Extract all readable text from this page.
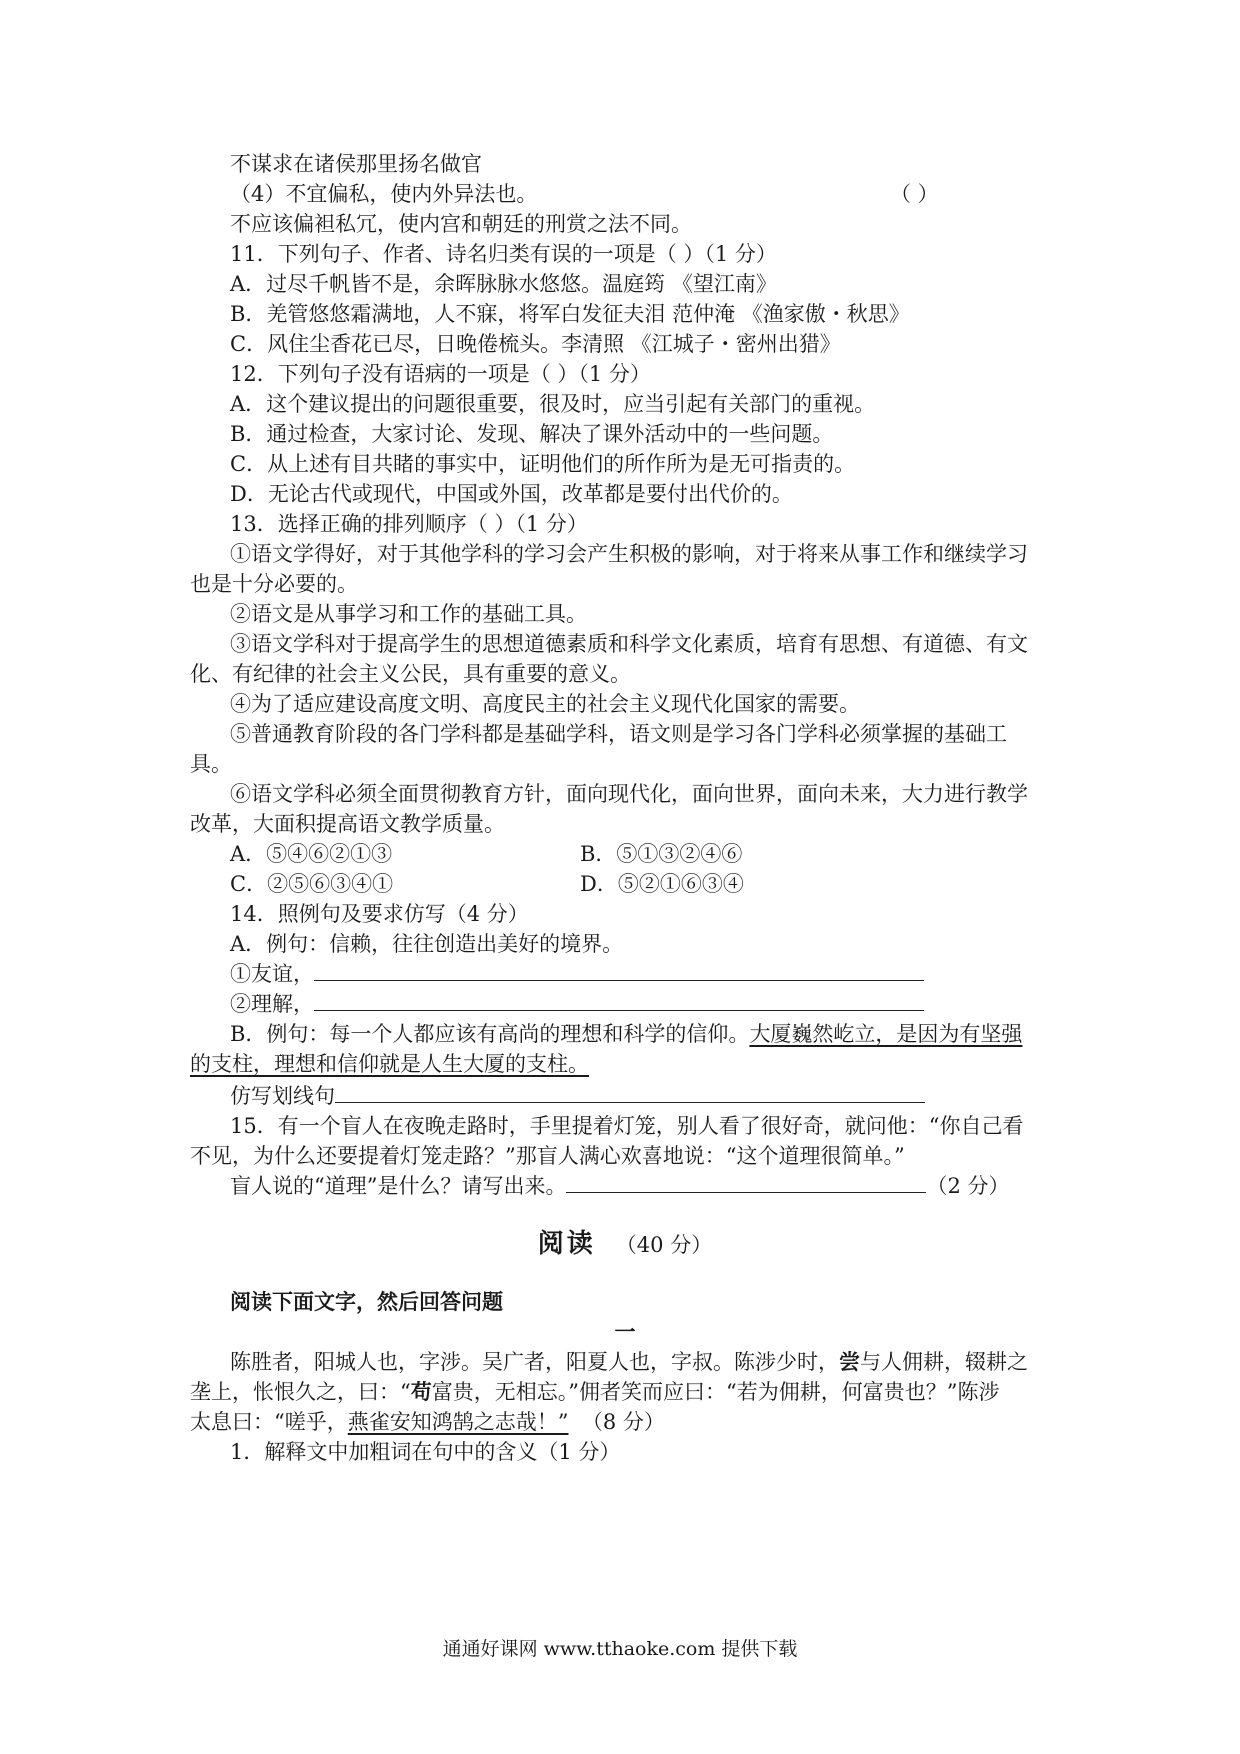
不谋求在诸侯那里扬名做官
（4）不宜偏私，使内外异法也。	（ ）
不应该偏袒私冗，使内宫和朝廷的刑赏之法不同。
11．下列句子、作者、诗名归类有误的一项是（ ）（1 分）
A．过尽千帆皆不是，余晖脉脉水悠悠。温庭筠 《望江南》
B．羌管悠悠霜满地，人不寐，将军白发征夫泪 范仲淹 《渔家傲・秋思》
C．风住尘香花已尽，日晚倦梳头。李清照 《江城子・密州出猎》
12．下列句子没有语病的一项是（ ）（1 分）
A．这个建议提出的问题很重要，很及时，应当引起有关部门的重视。
B．通过检查，大家讨论、发现、解决了课外活动中的一些问题。
C．从上述有目共睹的事实中，证明他们的所作所为是无可指责的。
D．无论古代或现代，中国或外国，改革都是要付出代价的。
13．选择正确的排列顺序（ ）（1 分）
①语文学得好，对于其他学科的学习会产生积极的影响，对于将来从事工作和继续学习
也是十分必要的。
②语文是从事学习和工作的基础工具。
③语文学科对于提高学生的思想道德素质和科学文化素质，培育有思想、有道德、有文
化、有纪律的社会主义公民，具有重要的意义。
④为了适应建设高度文明、高度民主的社会主义现代化国家的需要。
⑤普通教育阶段的各门学科都是基础学科，语文则是学习各门学科必须掌握的基础工
具。
⑥语文学科必须全面贯彻教育方针，面向现代化，面向世界，面向未来，大力进行教学
改革，大面积提高语文教学质量。
A．⑤④⑥②①③	B．⑤①③②④⑥
C．②⑤⑥③④①	D．⑤②①⑥③④
14．照例句及要求仿写（4 分）
A．例句：信赖，往往创造出美好的境界。
①友谊，
②理解，
B．例句：每一个人都应该有高尚的理想和科学的信仰。大厦巍然屹立，是因为有坚强
的支柱，理想和信仰就是人生大厦的支柱。
仿写划线句
15．有一个盲人在夜晚走路时，手里提着灯笼，别人看了很好奇，就问他：“你自己看
不见，为什么还要提着灯笼走路？”那盲人满心欢喜地说：“这个道理很简单。”
盲人说的“道理”是什么？请写出来。	（2 分）
阅读 （40 分）
阅读下面文字，然后回答问题
一
陈胜者，阳城人也，字涉。吴广者，阳夏人也，字叔。陈涉少时，尝与人佣耕，辍耕之
垄上，怅恨久之，曰：“苟富贵，无相忘。”佣者笑而应曰：“若为佣耕，何富贵也？”陈涉
太息曰：“嗟乎，燕雀安知鸿鹄之志哉！” （8 分）
1．解释文中加粗词在句中的含义（1 分）
通通好课网 www.tthaoke.com 提供下载
